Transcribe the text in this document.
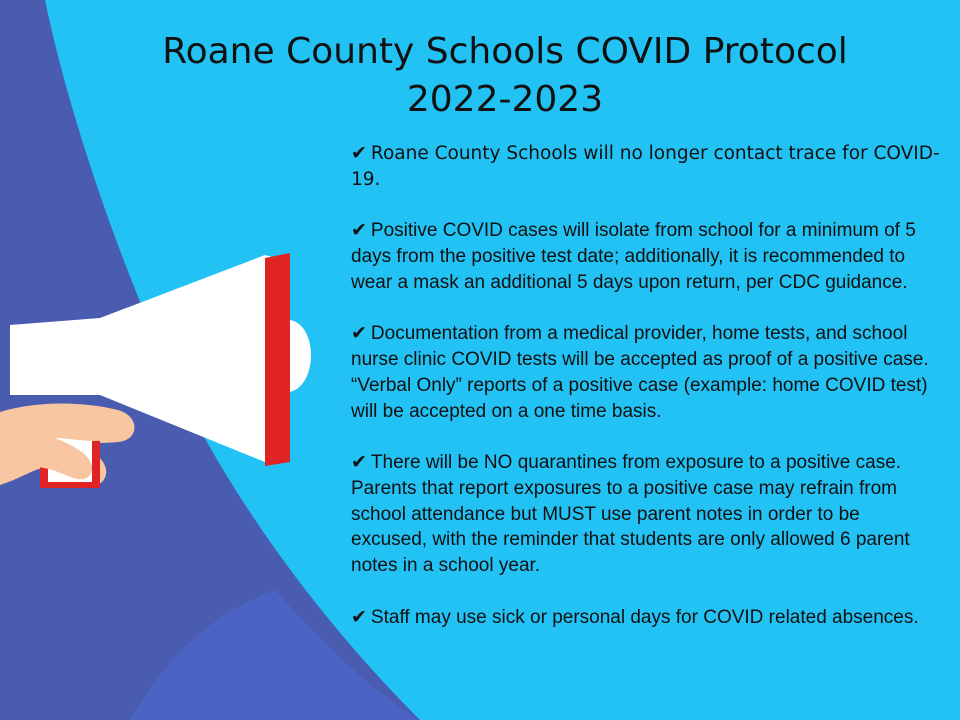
Roane County Schools COVID Protocol
2022-2023

✔ Roane County Schools will no longer contact trace for COVID-19.

✔ Positive COVID cases will isolate from school for a minimum of 5 days from the positive test date; additionally, it is recommended to wear a mask an additional 5 days upon return, per CDC guidance.

✔ Documentation from a medical provider, home tests, and school nurse clinic COVID tests will be accepted as proof of a positive case. “Verbal Only” reports of a positive case (example: home COVID test) will be accepted on a one time basis.

✔ There will be NO quarantines from exposure to a positive case. Parents that report exposures to a positive case may refrain from school attendance but MUST use parent notes in order to be excused, with the reminder that students are only allowed 6 parent notes in a school year.

✔ Staff may use sick or personal days for COVID related absences.
